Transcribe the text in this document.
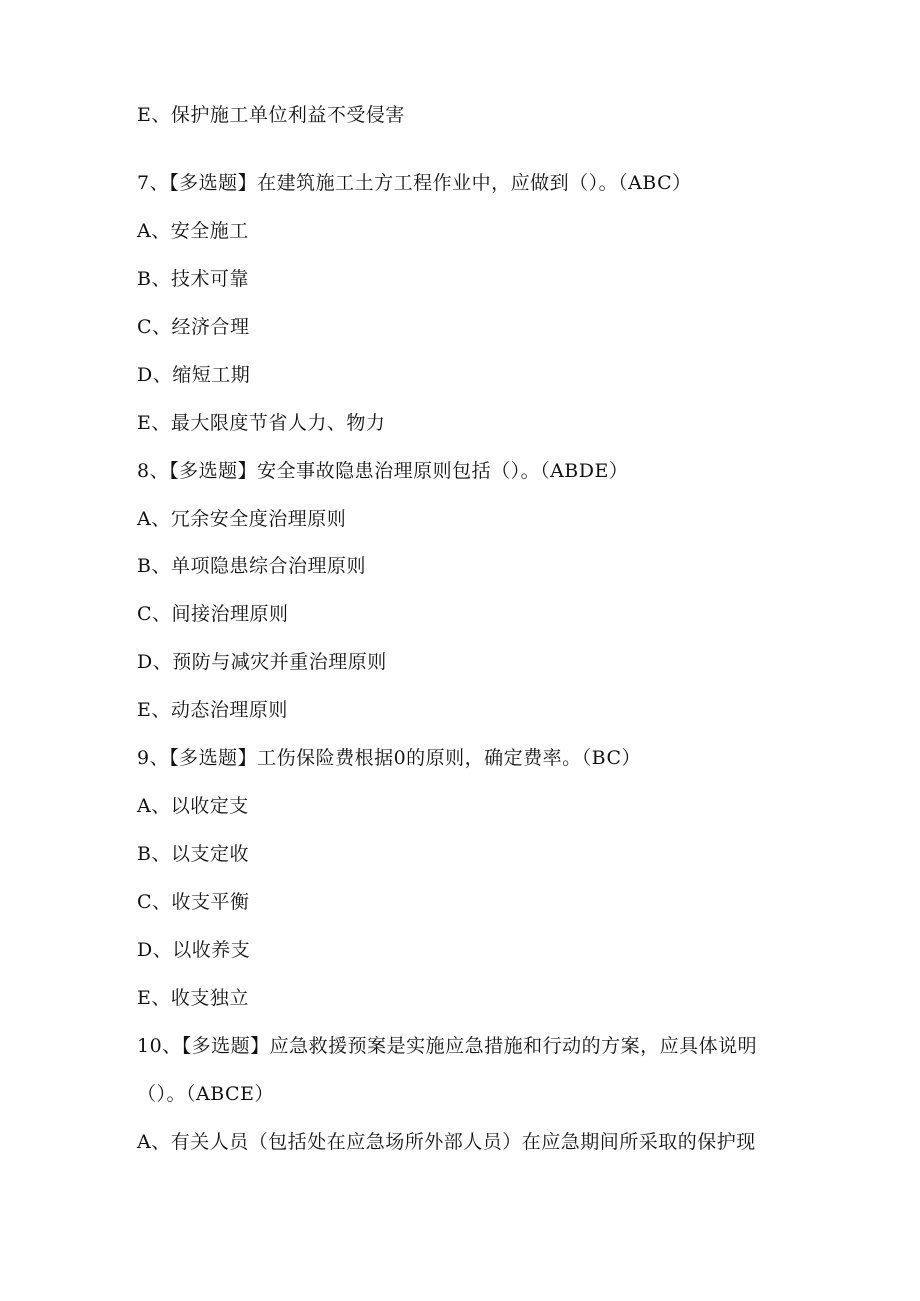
E、保护施工单位利益不受侵害
7、【多选题】在建筑施工土方工程作业中，应做到（）。（ABC）
A、安全施工
B、技术可靠
C、经济合理
D、缩短工期
E、最大限度节省人力、物力
8、【多选题】安全事故隐患治理原则包括（）。（ABDE）
A、冗余安全度治理原则
B、单项隐患综合治理原则
C、间接治理原则
D、预防与减灾并重治理原则
E、动态治理原则
9、【多选题】工伤保险费根据0的原则，确定费率。（BC）
A、以收定支
B、以支定收
C、收支平衡
D、以收养支
E、收支独立
10、【多选题】应急救援预案是实施应急措施和行动的方案，应具体说明
（）。（ABCE）
A、有关人员（包括处在应急场所外部人员）在应急期间所采取的保护现
